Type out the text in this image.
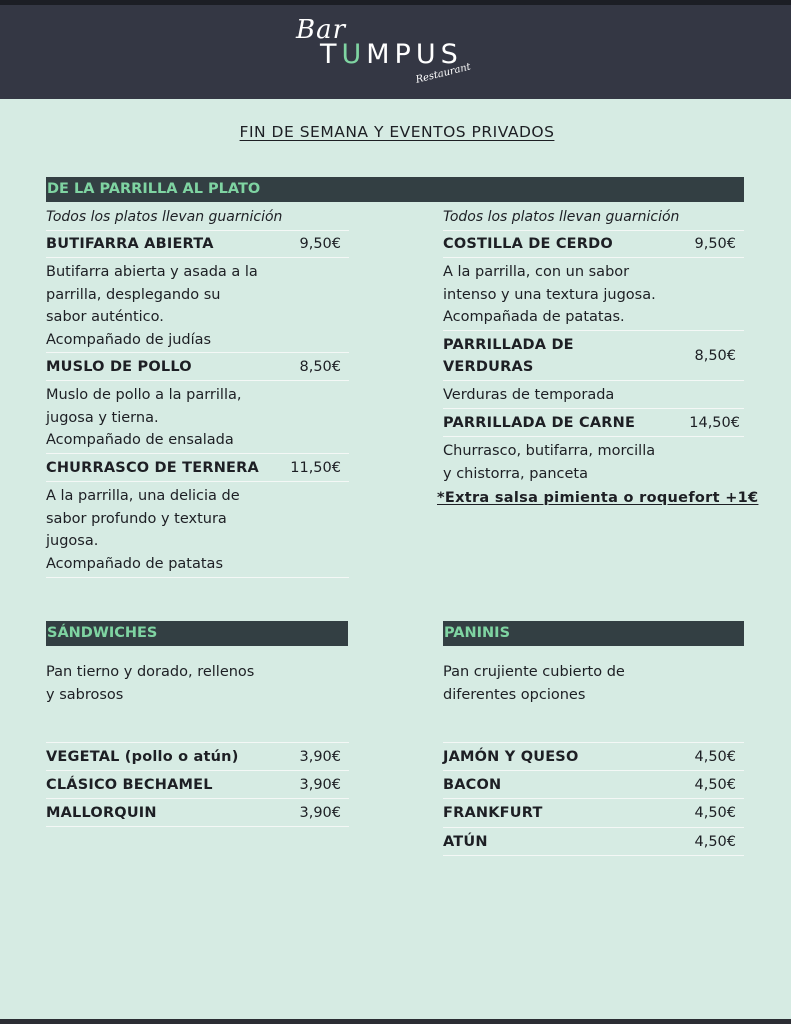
Bar
TUMPUS
Restaurant
FIN DE SEMANA Y EVENTOS PRIVADOS
DE LA PARRILLA AL PLATO
Todos los platos llevan guarnición
BUTIFARRA ABIERTA	9,50€
Butifarra abierta y asada a la
parrilla, desplegando su
sabor auténtico.
Acompañado de judías
MUSLO DE POLLO	8,50€
Muslo de pollo a la parrilla,
jugosa y tierna.
Acompañado de ensalada
CHURRASCO DE TERNERA 11,50€
A la parrilla, una delicia de
sabor profundo y textura
jugosa.
Acompañado de patatas
Todos los platos llevan guarnición
COSTILLA DE CERDO	9,50€
A la parrilla, con un sabor
intenso y una textura jugosa.
Acompañada de patatas.
PARRILLADA DE
VERDURAS
8,50€
Verduras de temporada
PARRILLADA DE CARNE	14,50€
Churrasco, butifarra, morcilla
y chistorra, panceta
*Extra salsa pimienta o roquefort +1€
SÁNDWICHES
Pan tierno y dorado, rellenos
y sabrosos
VEGETAL (pollo o atún)	3,90€
CLÁSICO BECHAMEL	3,90€
MALLORQUIN	3,90€
PANINIS
Pan crujiente cubierto de
diferentes opciones
JAMÓN Y QUESO	4,50€
BACON	4,50€
FRANKFURT	4,50€
ATÚN	4,50€
